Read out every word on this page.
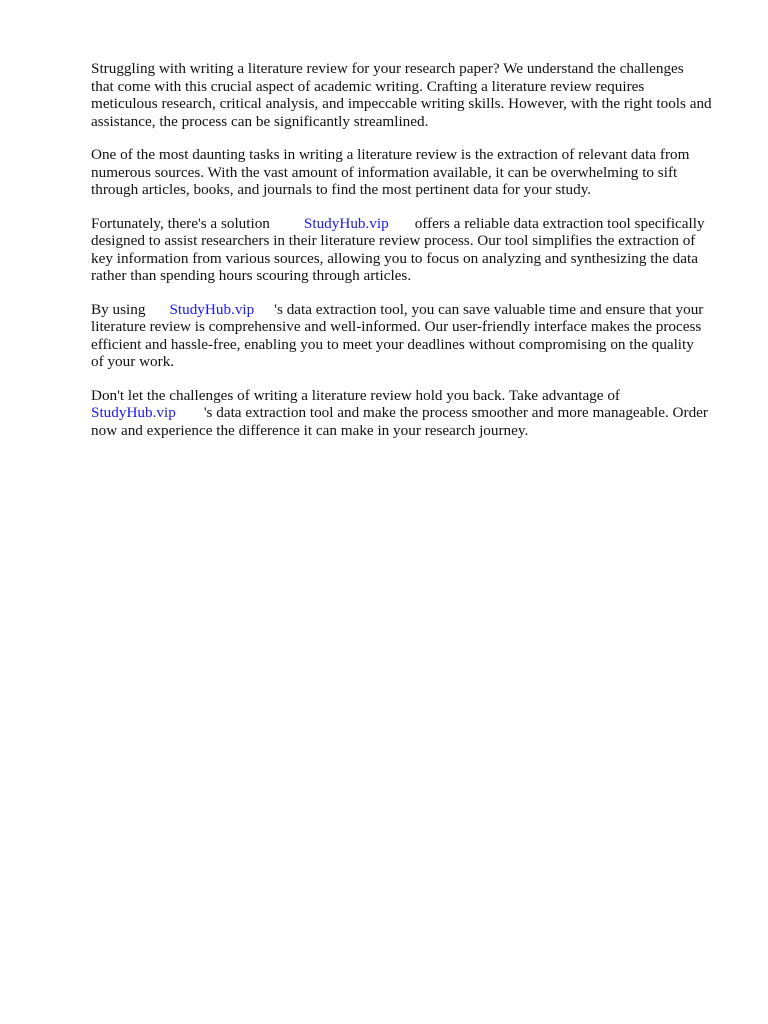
Struggling with writing a literature review for your research paper? We understand the challenges
that come with this crucial aspect of academic writing. Crafting a literature review requires
meticulous research, critical analysis, and impeccable writing skills. However, with the right tools and
assistance, the process can be significantly streamlined.

One of the most daunting tasks in writing a literature review is the extraction of relevant data from
numerous sources. With the vast amount of information available, it can be overwhelming to sift
through articles, books, and journals to find the most pertinent data for your study.

Fortunately, there's a solution StudyHub.vip offers a reliable data extraction tool specifically
designed to assist researchers in their literature review process. Our tool simplifies the extraction of
key information from various sources, allowing you to focus on analyzing and synthesizing the data
rather than spending hours scouring through articles.

By using StudyHub.vip 's data extraction tool, you can save valuable time and ensure that your
literature review is comprehensive and well-informed. Our user-friendly interface makes the process
efficient and hassle-free, enabling you to meet your deadlines without compromising on the quality
of your work.

Don't let the challenges of writing a literature review hold you back. Take advantage of
StudyHub.vip 's data extraction tool and make the process smoother and more manageable. Order
now and experience the difference it can make in your research journey.
